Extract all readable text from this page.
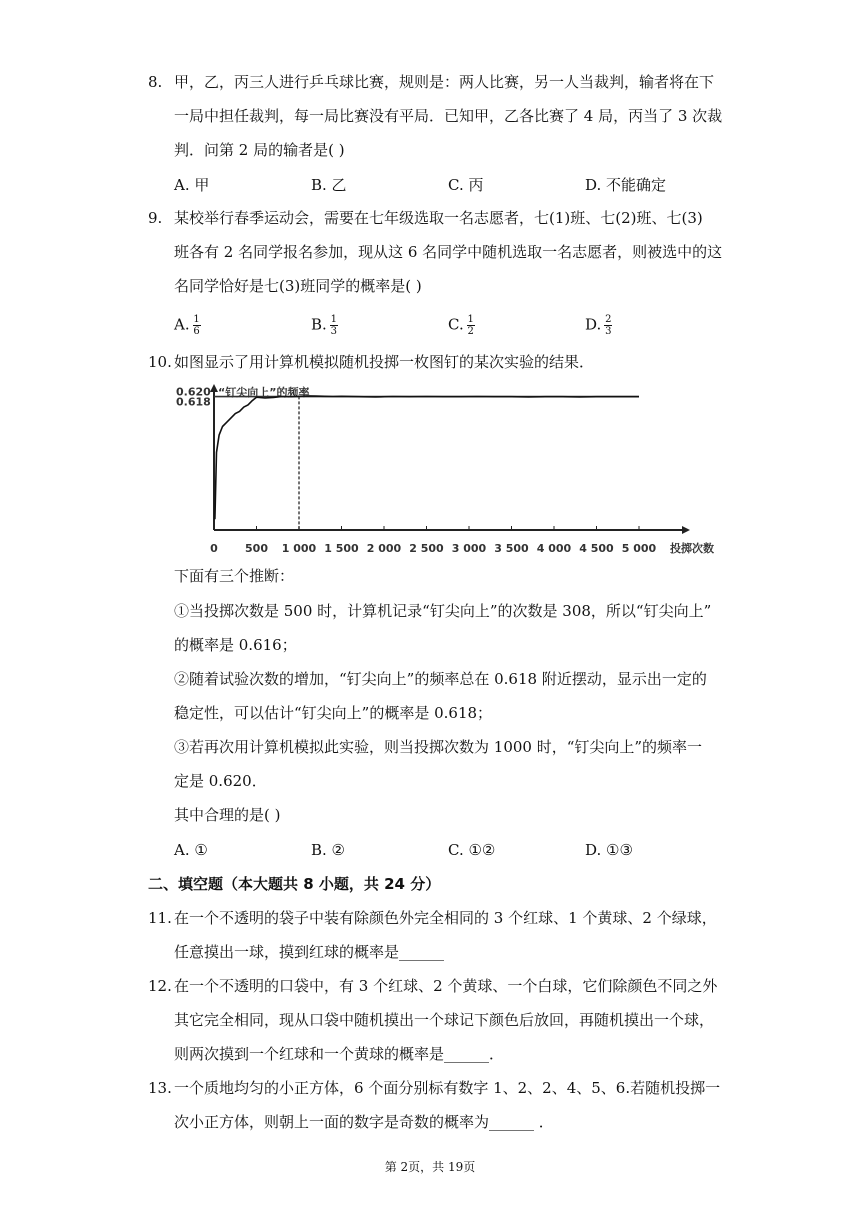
8. 甲，乙，丙三人进行乒乓球比赛，规则是：两人比赛，另一人当裁判，输者将在下
一局中担任裁判，每一局比赛没有平局．已知甲，乙各比赛了 4 局，丙当了 3 次裁
判．问第 2 局的输者是( )
A. 甲	B. 乙	C. 丙	D. 不能确定
9. 某校举行春季运动会，需要在七年级选取一名志愿者，七(1)班、七(2)班、七(3)
班各有 2 名同学报名参加，现从这 6 名同学中随机选取一名志愿者，则被选中的这
名同学恰好是七(3)班同学的概率是( )
A. $\frac{1}{6}$	B. $\frac{1}{3}$	C. $\frac{1}{2}$	D. $\frac{2}{3}$
10. 如图显示了用计算机模拟随机投掷一枚图钉的某次实验的结果．
“钉尖向上”的频率
投掷次数
0.620
0.618
0 500 1 000 1 500 2 000 2 500 3 000 3 500 4 000 4 500 5 000
下面有三个推断：
①当投掷次数是 500 时，计算机记录“钉尖向上”的次数是 308，所以“钉尖向上”
的概率是 0.616；
②随着试验次数的增加，“钉尖向上”的频率总在 0.618 附近摆动，显示出一定的
稳定性，可以估计“钉尖向上”的概率是 0.618；
③若再次用计算机模拟此实验，则当投掷次数为 1000 时，“钉尖向上”的频率一
定是 0.620．
其中合理的是( )
A. ①	B. ②	C. ①②	D. ①③
二、填空题（本大题共 8 小题，共 24 分）
11. 在一个不透明的袋子中装有除颜色外完全相同的 3 个红球、1 个黄球、2 个绿球，
任意摸出一球，摸到红球的概率是______
12. 在一个不透明的口袋中，有 3 个红球、2 个黄球、一个白球，它们除颜色不同之外
其它完全相同，现从口袋中随机摸出一个球记下颜色后放回，再随机摸出一个球，
则两次摸到一个红球和一个黄球的概率是______．
13. 一个质地均匀的小正方体，6 个面分别标有数字 1、2、2、4、5、6.若随机投掷一
次小正方体，则朝上一面的数字是奇数的概率为______ ．
第 2页，共 19页
